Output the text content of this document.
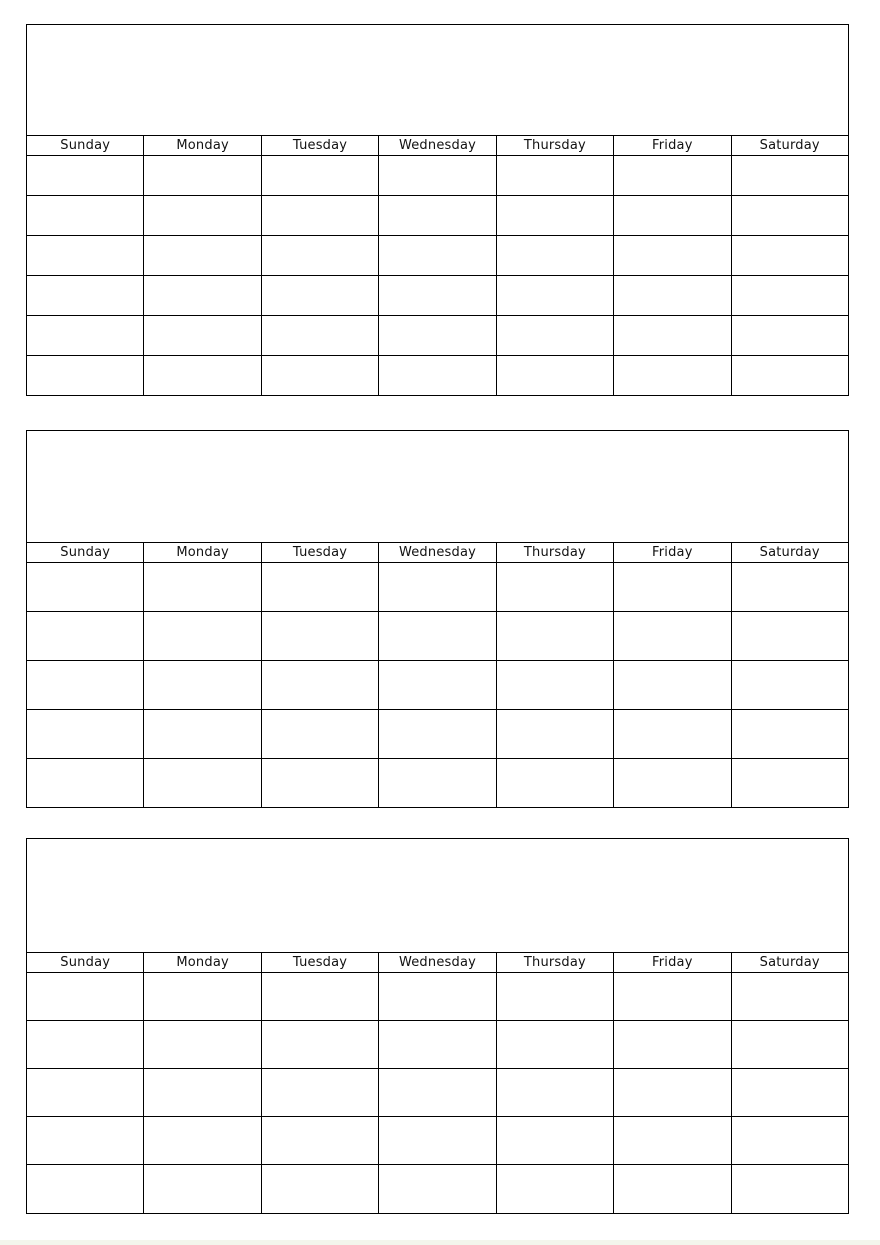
Sunday	Monday	Tuesday	Wednesday	Thursday	Friday	Saturday
Sunday	Monday	Tuesday	Wednesday	Thursday	Friday	Saturday
Sunday	Monday	Tuesday	Wednesday	Thursday	Friday	Saturday
